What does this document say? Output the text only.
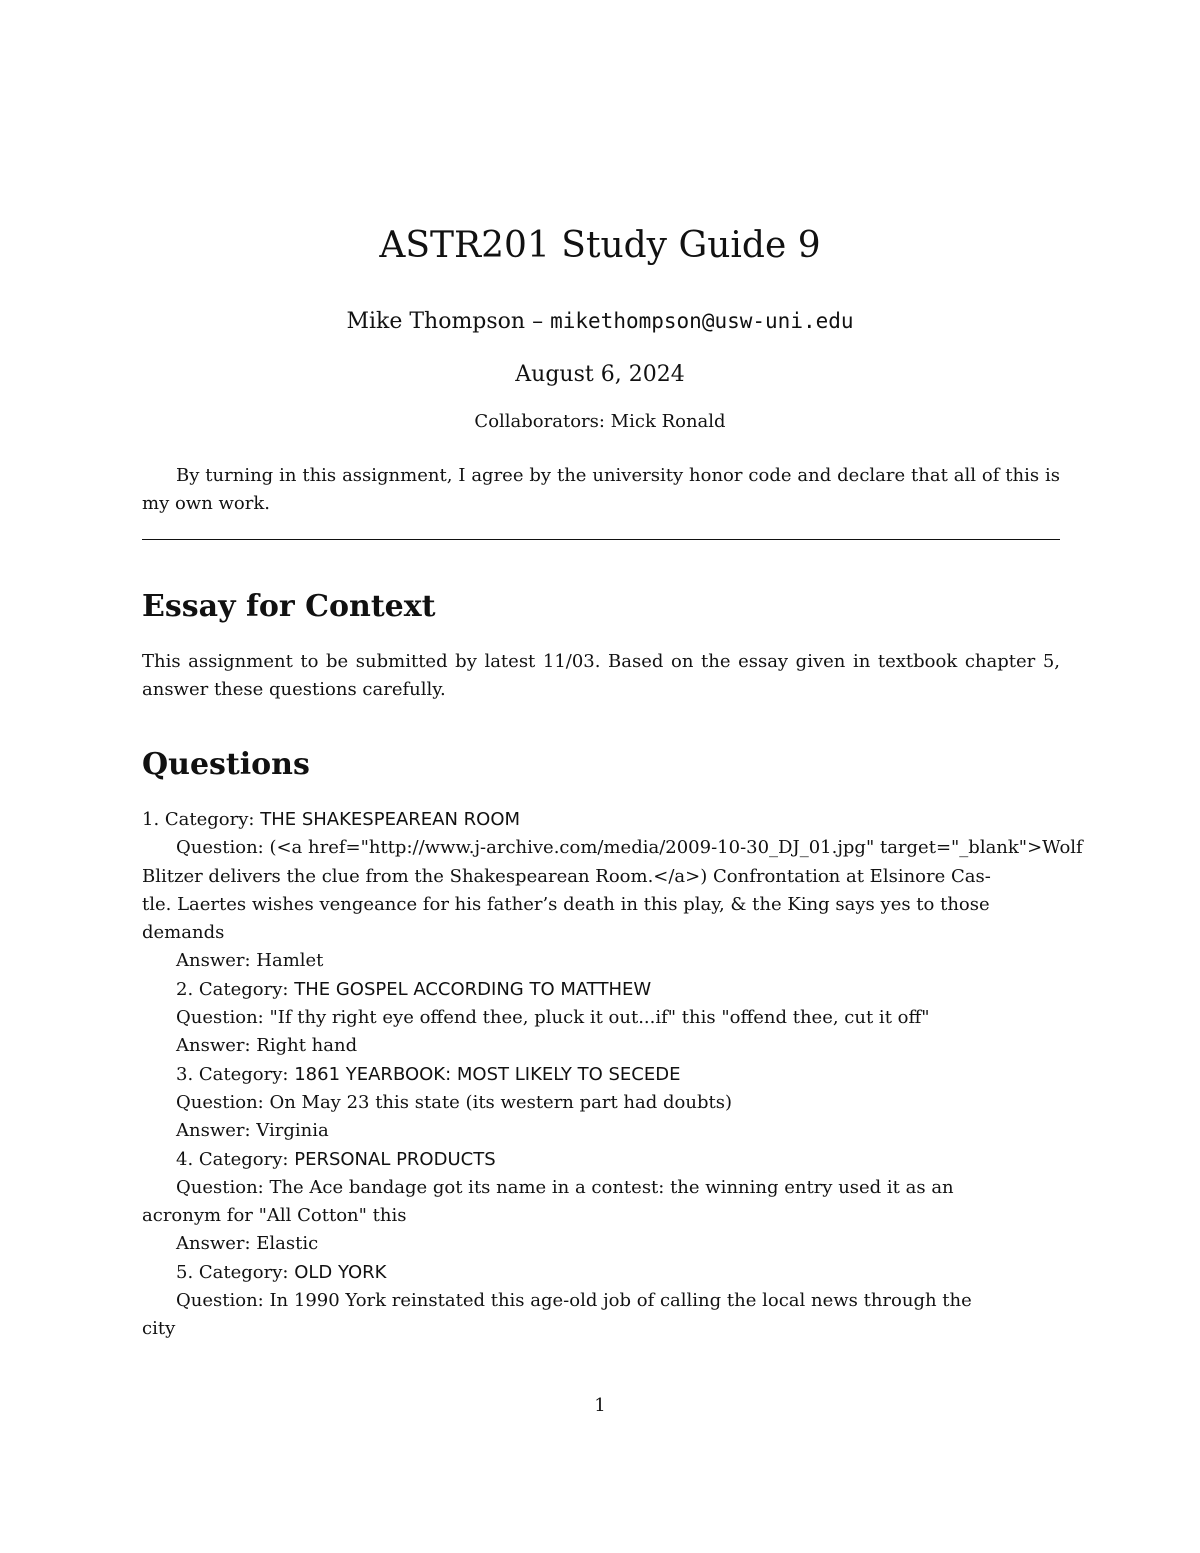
ASTR201 Study Guide 9
Mike Thompson – mikethompson@usw-uni.edu
August 6, 2024
Collaborators: Mick Ronald

By turning in this assignment, I agree by the university honor code and declare that all of this is my own work.

Essay for Context

This assignment to be submitted by latest 11/03. Based on the essay given in textbook chapter 5, answer these questions carefully.

Questions
1. Category: THE SHAKESPEAREAN ROOM
Question: (<a href="http://www.j-archive.com/media/2009-10-30_DJ_01.jpg" target="_blank">Wolf
Blitzer delivers the clue from the Shakespearean Room.</a>) Confrontation at Elsinore Cas-
tle. Laertes wishes vengeance for his father’s death in this play, & the King says yes to those
demands
Answer: Hamlet
2. Category: THE GOSPEL ACCORDING TO MATTHEW
Question: "If thy right eye offend thee, pluck it out...if" this "offend thee, cut it off"
Answer: Right hand
3. Category: 1861 YEARBOOK: MOST LIKELY TO SECEDE
Question: On May 23 this state (its western part had doubts)
Answer: Virginia
4. Category: PERSONAL PRODUCTS
Question: The Ace bandage got its name in a contest: the winning entry used it as an
acronym for "All Cotton" this
Answer: Elastic
5. Category: OLD YORK
Question: In 1990 York reinstated this age-old job of calling the local news through the
city
1
